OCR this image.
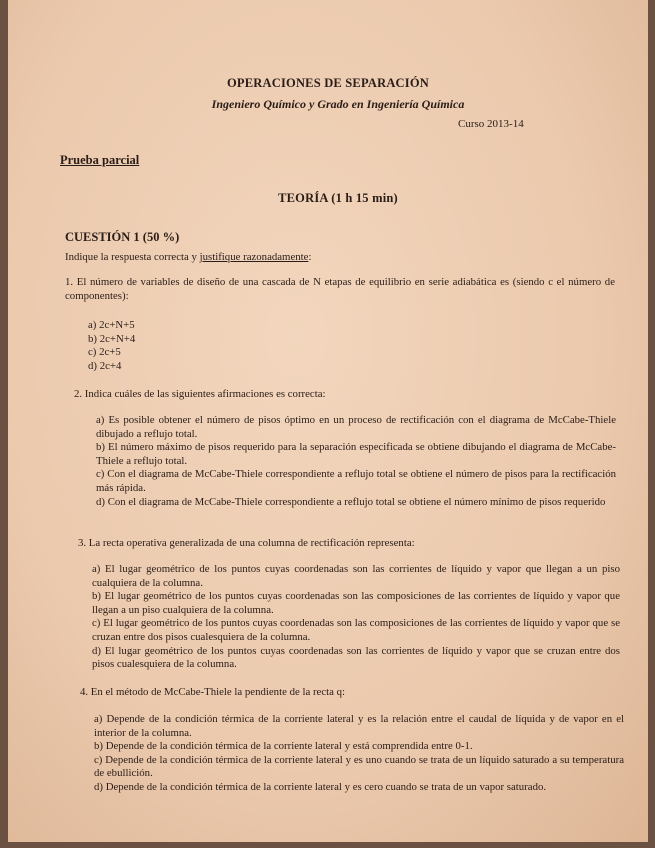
OPERACIONES DE SEPARACIÓN
Ingeniero Químico y Grado en Ingeniería Química
Curso 2013-14
Prueba parcial
TEORÍA (1 h 15 min)
CUESTIÓN 1 (50 %)
Indique la respuesta correcta y justifique razonadamente:
1. El número de variables de diseño de una cascada de N etapas de equilibrio en serie adiabática es (siendo c el número de componentes):
a) 2c+N+5
b) 2c+N+4
c) 2c+5
d) 2c+4
2. Indica cuáles de las siguientes afirmaciones es correcta:
a) Es posible obtener el número de pisos óptimo en un proceso de rectificación con el diagrama de McCabe-Thiele dibujado a reflujo total.
b) El número máximo de pisos requerido para la separación especificada se obtiene dibujando el diagrama de McCabe-Thiele a reflujo total.
c) Con el diagrama de McCabe-Thiele correspondiente a reflujo total se obtiene el número de pisos para la rectificación más rápida.
d) Con el diagrama de McCabe-Thiele correspondiente a reflujo total se obtiene el número mínimo de pisos requerido
3. La recta operativa generalizada de una columna de rectificación representa:
a) El lugar geométrico de los puntos cuyas coordenadas son las corrientes de líquido y vapor que llegan a un piso cualquiera de la columna.
b) El lugar geométrico de los puntos cuyas coordenadas son las composiciones de las corrientes de líquido y vapor que llegan a un piso cualquiera de la columna.
c) El lugar geométrico de los puntos cuyas coordenadas son las composiciones de las corrientes de líquido y vapor que se cruzan entre dos pisos cualesquiera de la columna.
d) El lugar geométrico de los puntos cuyas coordenadas son las corrientes de líquido y vapor que se cruzan entre dos pisos cualesquiera de la columna.
4. En el método de McCabe-Thiele la pendiente de la recta q:
a) Depende de la condición térmica de la corriente lateral y es la relación entre el caudal de líquida y de vapor en el interior de la columna.
b) Depende de la condición térmica de la corriente lateral y está comprendida entre 0-1.
c) Depende de la condición térmica de la corriente lateral y es uno cuando se trata de un líquido saturado a su temperatura de ebullición.
d) Depende de la condición térmica de la corriente lateral y es cero cuando se trata de un vapor saturado.
